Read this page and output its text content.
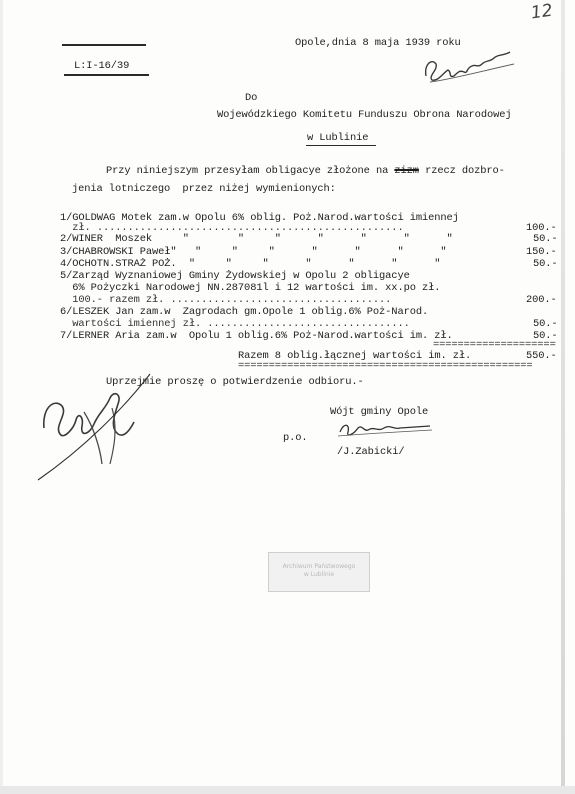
12
L:I-16/39
Opole,dnia 8 maja 1939 roku
Do
Wojewódzkiego Komitetu Funduszu Obrona Narodowej
w Lublinie
Przy niniejszym przesyłam obligacye złożone na zizm rzecz dozbro-
jenia lotniczego  przez niżej wymienionych:
1/GOLDWAG Motek zam.w Opolu 6% oblig. Poż.Narod.wartości imiennej
zł. ..................................................	100.-
2/WINER  Moszek     "        "     "      "      "      "      "	50.-
3/CHABROWSKI Paweł"   "     "     "      "      "      "      "	150.-
4/OCHOTN.STRAŻ POŻ.  "     "     "      "      "      "      "	50.-
5/Zarząd Wyznaniowej Gminy Żydowskiej w Opolu 2 obligacye
6% Pożyczki Narodowej NN.287081l i 12 wartości im. xx.po zł.
100.- razem zł. ....................................	200.-
6/LESZEK Jan zam.w  Zagrodach gm.Opole 1 oblig.6% Poż-Narod.
wartości imiennej zł. .................................	50.-
7/LERNER Aria zam.w  Opolu 1 oblig.6% Poż-Narod.wartości im. zł.	50.-
====================
Razem 8 oblig.łącznej wartości im. zł.	550.-
================================================
Uprzejmie proszę o potwierdzenie odbioru.-
Wójt gminy Opole
p.o.
/J.Zabicki/
Archiwum Państwowego
w Lublinie
